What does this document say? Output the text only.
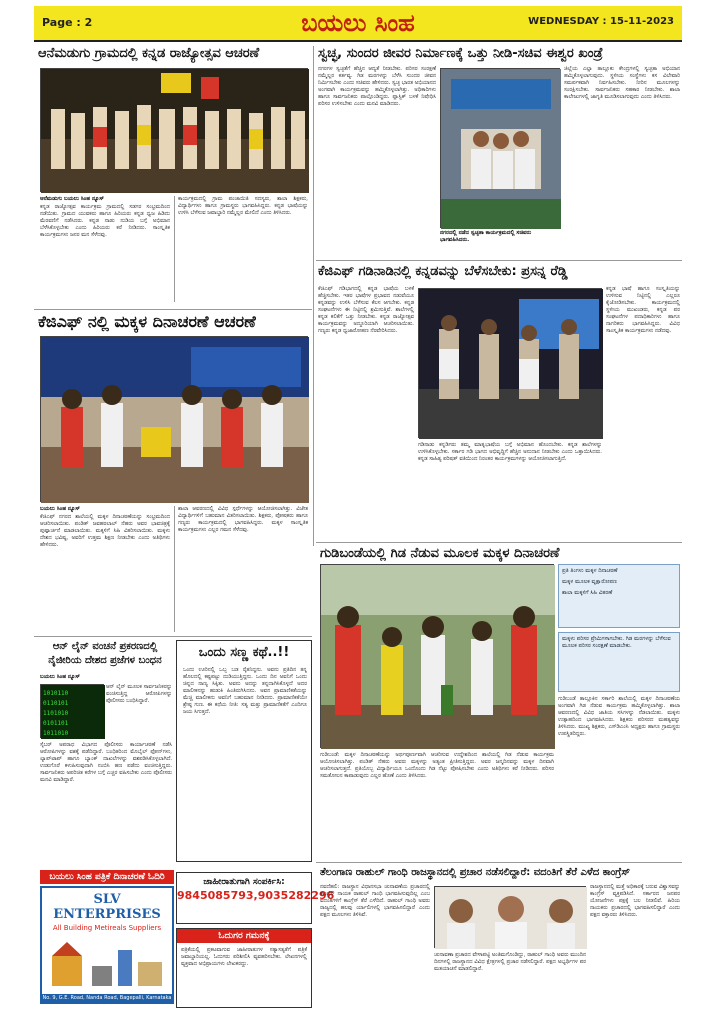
Page : 2	ಬಯಲು ಸಿಂಹ	WEDNESDAY : 15-11-2023
ಆನೆಮಡುಗು ಗ್ರಾಮದಲ್ಲಿ ಕನ್ನಡ ರಾಜ್ಯೋತ್ಸವ ಆಚರಣೆ
ಆನೆಮಡುಗು ಬಯಲು ಸಿಂಹ ನ್ಯೂಸ್
ಕನ್ನಡ ರಾಜ್ಯೋತ್ಸವ ಕಾರ್ಯಕ್ರಮ ಗ್ರಾಮದಲ್ಲಿ ಸಡಗರ ಸಂಭ್ರಮದಿಂದ ನಡೆಯಿತು. ಗ್ರಾಮದ ಯುವಕರು ಹಾಗೂ ಹಿರಿಯರು ಕನ್ನಡ ಧ್ವಜ ಹಿಡಿದು ಮೆರವಣಿಗೆ ನಡೆಸಿದರು. ಕನ್ನಡ ನಾಡು ನುಡಿಯ ಬಗ್ಗೆ ಅಭಿಮಾನ ಬೆಳೆಸಿಕೊಳ್ಳಬೇಕು ಎಂದು ಹಿರಿಯರು ಕರೆ ನೀಡಿದರು. ಸಾಂಸ್ಕೃತಿಕ ಕಾರ್ಯಕ್ರಮಗಳು ಜನರ ಮನ ಸೆಳೆದವು.
ಕಾರ್ಯಕ್ರಮದಲ್ಲಿ ಗ್ರಾಮ ಪಂಚಾಯಿತಿ ಸದಸ್ಯರು, ಶಾಲಾ ಶಿಕ್ಷಕರು, ವಿದ್ಯಾರ್ಥಿಗಳು ಹಾಗೂ ಗ್ರಾಮಸ್ಥರು ಭಾಗವಹಿಸಿದ್ದರು. ಕನ್ನಡ ಭಾಷೆಯನ್ನು ಉಳಿಸಿ ಬೆಳೆಸುವ ಜವಾಬ್ದಾರಿ ನಮ್ಮೆಲ್ಲರ ಮೇಲಿದೆ ಎಂದು ತಿಳಿಸಿದರು.
ಸ್ವಚ್ಛ, ಸುಂದರ ಜೀವರ ನಿರ್ಮಾಣಕ್ಕೆ ಒತ್ತು ನೀಡಿ-ಸಚಿವ ಈಶ್ವರ ಖಂಡ್ರೆ
ನಗರಗಳ ಸ್ವಚ್ಛತೆಗೆ ಹೆಚ್ಚಿನ ಆದ್ಯತೆ ನೀಡಬೇಕು. ಪರಿಸರ ಸಂರಕ್ಷಣೆ ನಮ್ಮೆಲ್ಲರ ಕರ್ತವ್ಯ. ಗಿಡ ಮರಗಳನ್ನು ಬೆಳೆಸಿ ಸುಂದರ ಜೀವನ ನಿರ್ಮಿಸಬೇಕು ಎಂದು ಸಚಿವರು ಹೇಳಿದರು. ಸ್ವಚ್ಛ ಭಾರತ ಅಭಿಯಾನದ ಅಂಗವಾಗಿ ಕಾರ್ಯಕ್ರಮವನ್ನು ಹಮ್ಮಿಕೊಳ್ಳಲಾಗಿತ್ತು. ಅಧಿಕಾರಿಗಳು ಹಾಗೂ ಸಾರ್ವಜನಿಕರು ಪಾಲ್ಗೊಂಡಿದ್ದರು. ಪ್ಲಾಸ್ಟಿಕ್ ಬಳಕೆ ನಿಷೇಧಿಸಿ ಪರಿಸರ ಉಳಿಸಬೇಕು ಎಂದು ಮನವಿ ಮಾಡಿದರು.
ನಗರದಲ್ಲಿ ನಡೆದ ಸ್ವಚ್ಛತಾ ಕಾರ್ಯಕ್ರಮದಲ್ಲಿ ಸಚಿವರು ಭಾಗವಹಿಸಿದರು.
ಜಿಲ್ಲೆಯ ಎಲ್ಲಾ ತಾಲ್ಲೂಕು ಕೇಂದ್ರಗಳಲ್ಲಿ ಸ್ವಚ್ಛತಾ ಅಭಿಯಾನ ಹಮ್ಮಿಕೊಳ್ಳಲಾಗುವುದು. ಸ್ಥಳೀಯ ಸಂಸ್ಥೆಗಳು ಕಸ ವಿಲೇವಾರಿ ಸಮರ್ಪಕವಾಗಿ ನಿರ್ವಹಿಸಬೇಕು. ನೀರಿನ ಮೂಲಗಳನ್ನು ಸಂರಕ್ಷಿಸಬೇಕು. ಸಾರ್ವಜನಿಕರು ಸಹಕಾರ ನೀಡಬೇಕು. ಶಾಲಾ ಕಾಲೇಜುಗಳಲ್ಲಿ ಜಾಗೃತಿ ಮೂಡಿಸಲಾಗುವುದು ಎಂದು ತಿಳಿಸಿದರು.
ಕೆಜಿಎಫ್ ಗಡಿನಾಡಿನಲ್ಲಿ ಕನ್ನಡವನ್ನು ಬೆಳೆಸಬೇಕು: ಪ್ರಸನ್ನ ರೆಡ್ಡಿ
ಕೆಜಿಎಫ್ ಗಡಿಭಾಗದಲ್ಲಿ ಕನ್ನಡ ಭಾಷೆಯ ಬಳಕೆ ಹೆಚ್ಚಿಸಬೇಕು. ಇತರ ಭಾಷೆಗಳ ಪ್ರಭಾವದ ನಡುವೆಯೂ ಕನ್ನಡವನ್ನು ಉಳಿಸಿ ಬೆಳೆಸುವ ಕೆಲಸ ಆಗಬೇಕು. ಕನ್ನಡ ಸಂಘಟನೆಗಳು ಈ ನಿಟ್ಟಿನಲ್ಲಿ ಶ್ರಮಿಸುತ್ತಿವೆ. ಶಾಲೆಗಳಲ್ಲಿ ಕನ್ನಡ ಕಲಿಕೆಗೆ ಒತ್ತು ನೀಡಬೇಕು. ಕನ್ನಡ ರಾಜ್ಯೋತ್ಸವ ಕಾರ್ಯಕ್ರಮವನ್ನು ಅದ್ದೂರಿಯಾಗಿ ಆಚರಿಸಲಾಯಿತು. ಗಣ್ಯರು ಕನ್ನಡ ಧ್ವಜಾರೋಹಣ ನೆರವೇರಿಸಿದರು.
ಕನ್ನಡ ಭಾಷೆ ಹಾಗೂ ಸಂಸ್ಕೃತಿಯನ್ನು ಉಳಿಸುವ ನಿಟ್ಟಿನಲ್ಲಿ ಎಲ್ಲರೂ ಕೈಜೋಡಿಸಬೇಕು. ಕಾರ್ಯಕ್ರಮದಲ್ಲಿ ಸ್ಥಳೀಯ ಮುಖಂಡರು, ಕನ್ನಡ ಪರ ಸಂಘಟನೆಗಳ ಪದಾಧಿಕಾರಿಗಳು ಹಾಗೂ ನಾಗರಿಕರು ಭಾಗವಹಿಸಿದ್ದರು. ವಿವಿಧ ಸಾಂಸ್ಕೃತಿಕ ಕಾರ್ಯಕ್ರಮಗಳು ನಡೆದವು.
ಗಡಿನಾಡು ಕನ್ನಡಿಗರು ತಮ್ಮ ಮಾತೃಭಾಷೆಯ ಬಗ್ಗೆ ಅಭಿಮಾನ ಹೊಂದಬೇಕು. ಕನ್ನಡ ಶಾಲೆಗಳನ್ನು ಉಳಿಸಿಕೊಳ್ಳಬೇಕು. ಸರ್ಕಾರ ಗಡಿ ಭಾಗದ ಅಭಿವೃದ್ಧಿಗೆ ಹೆಚ್ಚಿನ ಅನುದಾನ ನೀಡಬೇಕು ಎಂದು ಒತ್ತಾಯಿಸಿದರು. ಕನ್ನಡ ಸಾಹಿತ್ಯ ಪರಿಷತ್ ವತಿಯಿಂದ ನಿರಂತರ ಕಾರ್ಯಕ್ರಮಗಳನ್ನು ಆಯೋಜಿಸಲಾಗುತ್ತಿದೆ.
ಕೆಜಿಎಫ್ ನಲ್ಲಿ ಮಕ್ಕಳ ದಿನಾಚರಣೆ ಆಚರಣೆ
ಬಯಲು ಸಿಂಹ ನ್ಯೂಸ್
ಕೆಜಿಎಫ್ ನಗರದ ಶಾಲೆಯಲ್ಲಿ ಮಕ್ಕಳ ದಿನಾಚರಣೆಯನ್ನು ಸಂಭ್ರಮದಿಂದ ಆಚರಿಸಲಾಯಿತು. ಪಂಡಿತ್ ಜವಹರಲಾಲ್ ನೆಹರು ಅವರ ಭಾವಚಿತ್ರಕ್ಕೆ ಪುಷ್ಪಾರ್ಚನೆ ಮಾಡಲಾಯಿತು. ಮಕ್ಕಳಿಗೆ ಸಿಹಿ ವಿತರಿಸಲಾಯಿತು. ಮಕ್ಕಳು ದೇಶದ ಭವಿಷ್ಯ, ಅವರಿಗೆ ಉತ್ತಮ ಶಿಕ್ಷಣ ನೀಡಬೇಕು ಎಂದು ಅತಿಥಿಗಳು ಹೇಳಿದರು.
ಶಾಲಾ ಆವರಣದಲ್ಲಿ ವಿವಿಧ ಸ್ಪರ್ಧೆಗಳನ್ನು ಆಯೋಜಿಸಲಾಗಿತ್ತು. ವಿಜೇತ ವಿದ್ಯಾರ್ಥಿಗಳಿಗೆ ಬಹುಮಾನ ವಿತರಿಸಲಾಯಿತು. ಶಿಕ್ಷಕರು, ಪೋಷಕರು ಹಾಗೂ ಗಣ್ಯರು ಕಾರ್ಯಕ್ರಮದಲ್ಲಿ ಭಾಗವಹಿಸಿದ್ದರು. ಮಕ್ಕಳ ಸಾಂಸ್ಕೃತಿಕ ಕಾರ್ಯಕ್ರಮಗಳು ಎಲ್ಲರ ಗಮನ ಸೆಳೆದವು.
ಗುಡಿಬಂಡೆಯಲ್ಲಿ ಗಿಡ ನೆಡುವ ಮೂಲಕ ಮಕ್ಕಳ ದಿನಾಚರಣೆ
ಪ್ರತಿ ತಿಂಗಳು ಮಕ್ಕಳ ದಿನಾಚರಣೆ
ಮಕ್ಕಳ ಮೂಲಕ ವೃಕ್ಷಾರೋಪಣ
ಶಾಲಾ ಮಕ್ಕಳಿಗೆ ಸಿಹಿ ವಿತರಣೆ
ಮಕ್ಕಳು ಪರಿಸರ ಪ್ರೇಮಿಗಳಾಗಬೇಕು. ಗಿಡ ಮರಗಳನ್ನು ಬೆಳೆಸುವ ಮೂಲಕ ಪರಿಸರ ಸಂರಕ್ಷಣೆ ಮಾಡಬೇಕು.
ಗುಡಿಬಂಡೆ ತಾಲ್ಲೂಕಿನ ಸರ್ಕಾರಿ ಶಾಲೆಯಲ್ಲಿ ಮಕ್ಕಳ ದಿನಾಚರಣೆಯ ಅಂಗವಾಗಿ ಗಿಡ ನೆಡುವ ಕಾರ್ಯಕ್ರಮ ಹಮ್ಮಿಕೊಳ್ಳಲಾಗಿತ್ತು. ಶಾಲಾ ಆವರಣದಲ್ಲಿ ವಿವಿಧ ಜಾತಿಯ ಸಸಿಗಳನ್ನು ನೆಡಲಾಯಿತು. ಮಕ್ಕಳು ಉತ್ಸಾಹದಿಂದ ಭಾಗವಹಿಸಿದರು. ಶಿಕ್ಷಕರು ಪರಿಸರದ ಮಹತ್ವವನ್ನು ತಿಳಿಸಿದರು. ಮುಖ್ಯ ಶಿಕ್ಷಕರು, ಎಸ್‌ಡಿಎಂಸಿ ಅಧ್ಯಕ್ಷರು ಹಾಗೂ ಗ್ರಾಮಸ್ಥರು ಉಪಸ್ಥಿತರಿದ್ದರು.
ಗುಡಿಬಂಡೆ: ಮಕ್ಕಳ ದಿನಾಚರಣೆಯನ್ನು ಅರ್ಥಪೂರ್ಣವಾಗಿ ಆಚರಿಸುವ ಉದ್ದೇಶದಿಂದ ಶಾಲೆಯಲ್ಲಿ ಗಿಡ ನೆಡುವ ಕಾರ್ಯಕ್ರಮ ಆಯೋಜಿಸಲಾಗಿತ್ತು. ಪಂಡಿತ್ ನೆಹರು ಅವರು ಮಕ್ಕಳನ್ನು ಅತ್ಯಂತ ಪ್ರೀತಿಸುತ್ತಿದ್ದರು. ಅವರ ಜನ್ಮದಿನವನ್ನು ಮಕ್ಕಳ ದಿನವಾಗಿ ಆಚರಿಸಲಾಗುತ್ತದೆ. ಪ್ರತಿಯೊಬ್ಬ ವಿದ್ಯಾರ್ಥಿಯೂ ಒಂದೊಂದು ಗಿಡ ನೆಟ್ಟು ಪೋಷಿಸಬೇಕು ಎಂದು ಅತಿಥಿಗಳು ಕರೆ ನೀಡಿದರು. ಪರಿಸರ ಸಮತೋಲನ ಕಾಪಾಡುವುದು ಎಲ್ಲರ ಹೊಣೆ ಎಂದು ತಿಳಿಸಿದರು.
ಆನ್ ಲೈನ್ ವಂಚನೆ ಪ್ರಕರಣದಲ್ಲಿ ನೈಜೀರಿಯ ದೇಶದ ಪ್ರಜೆಗಳ ಬಂಧನ
ಬಯಲು ಸಿಂಹ ನ್ಯೂಸ್
1010110
0110101
1101010
0101101
1011010
ಆನ್ ಲೈನ್ ಮೂಲಕ ಸಾರ್ವಜನಿಕರನ್ನು ವಂಚಿಸುತ್ತಿದ್ದ ಆರೋಪಿಗಳನ್ನು ಪೊಲೀಸರು ಬಂಧಿಸಿದ್ದಾರೆ.
ಸೈಬರ್ ಅಪರಾಧ ವಿಭಾಗದ ಪೊಲೀಸರು ಕಾರ್ಯಾಚರಣೆ ನಡೆಸಿ ಆರೋಪಿಗಳನ್ನು ವಶಕ್ಕೆ ಪಡೆದಿದ್ದಾರೆ. ಬಂಧಿತರಿಂದ ಮೊಬೈಲ್ ಫೋನ್‌ಗಳು, ಲ್ಯಾಪ್‌ಟಾಪ್ ಹಾಗೂ ಬ್ಯಾಂಕ್ ದಾಖಲೆಗಳನ್ನು ವಶಪಡಿಸಿಕೊಳ್ಳಲಾಗಿದೆ. ಉಡುಗೊರೆ ಕಳುಹಿಸುವುದಾಗಿ ನಂಬಿಸಿ ಹಣ ಪಡೆದು ವಂಚಿಸುತ್ತಿದ್ದರು. ಸಾರ್ವಜನಿಕರು ಅಪರಿಚಿತ ಕರೆಗಳ ಬಗ್ಗೆ ಎಚ್ಚರ ವಹಿಸಬೇಕು ಎಂದು ಪೊಲೀಸರು ಮನವಿ ಮಾಡಿದ್ದಾರೆ.
ಒಂದು ಸಣ್ಣ ಕಥೆ..!!
ಒಂದು ಊರಿನಲ್ಲಿ ಒಬ್ಬ ಬಡ ರೈತನಿದ್ದನು. ಅವನು ಪ್ರತಿದಿನ ತನ್ನ ಹೊಲದಲ್ಲಿ ಕಷ್ಟಪಟ್ಟು ದುಡಿಯುತ್ತಿದ್ದನು. ಒಂದು ದಿನ ಅವನಿಗೆ ಒಂದು ಚಿನ್ನದ ನಾಣ್ಯ ಸಿಕ್ಕಿತು. ಅವನು ಅದನ್ನು ತನ್ನದಾಗಿಸಿಕೊಳ್ಳದೆ ಅದರ ಮಾಲೀಕನನ್ನು ಹುಡುಕಿ ಹಿಂತಿರುಗಿಸಿದನು. ಅವನ ಪ್ರಾಮಾಣಿಕತೆಯನ್ನು ಮೆಚ್ಚಿ ಮಾಲೀಕನು ಅವನಿಗೆ ಬಹುಮಾನ ನೀಡಿದನು. ಪ್ರಾಮಾಣಿಕತೆಯೇ ಶ್ರೇಷ್ಠ ಗುಣ. ಈ ಕಥೆಯ ನೀತಿ: ಸತ್ಯ ಮತ್ತು ಪ್ರಾಮಾಣಿಕತೆಗೆ ಎಂದಿಗೂ ಜಯ ಸಿಗುತ್ತದೆ.
ಬಯಲು ಸಿಂಹ ಪತ್ರಿಕೆ ದಿನಾಚರಣೆ ಓದಿರಿ
SLV ENTERPRISES
All Building Metireals Suppliers
No. 9, G.E. Road, Nanda Road, Bagepalli, Karnataka
ಜಾಹೀರಾತುಗಾಗಿ ಸಂಪರ್ಕಿಸಿ:
9845085793,9035282296
ಓದುಗರ ಗಮನಕ್ಕೆ
ಪತ್ರಿಕೆಯಲ್ಲಿ ಪ್ರಕಟವಾಗುವ ಜಾಹೀರಾತುಗಳ ಸತ್ಯಾಸತ್ಯತೆಗೆ ಪತ್ರಿಕೆ ಜವಾಬ್ದಾರಿಯಲ್ಲ. ಓದುಗರು ಪರಿಶೀಲಿಸಿ ವ್ಯವಹರಿಸಬೇಕು. ಲೇಖನಗಳಲ್ಲಿ ವ್ಯಕ್ತವಾದ ಅಭಿಪ್ರಾಯಗಳು ಲೇಖಕರದ್ದು.
ತೆಲಂಗಾಣ ರಾಹುಲ್ ಗಾಂಧಿ ರಾಜಸ್ಥಾನದಲ್ಲಿ ಪ್ರಚಾರ ನಡೆಸಲಿದ್ದಾರೆ: ವದಂತಿಗೆ ತೆರೆ ಎಳೆದ ಕಾಂಗ್ರೆಸ್
ನವದೆಹಲಿ: ರಾಜಸ್ಥಾನ ವಿಧಾನಸಭಾ ಚುನಾವಣೆಯ ಪ್ರಚಾರದಲ್ಲಿ ಕಾಂಗ್ರೆಸ್ ನಾಯಕ ರಾಹುಲ್ ಗಾಂಧಿ ಭಾಗವಹಿಸುವುದಿಲ್ಲ ಎಂಬ ವದಂತಿಗಳಿಗೆ ಕಾಂಗ್ರೆಸ್ ತೆರೆ ಎಳೆದಿದೆ. ರಾಹುಲ್ ಗಾಂಧಿ ಅವರು ರಾಜ್ಯದಲ್ಲಿ ಹಲವು ರ್ಯಾಲಿಗಳಲ್ಲಿ ಭಾಗವಹಿಸಲಿದ್ದಾರೆ ಎಂದು ಪಕ್ಷದ ಮೂಲಗಳು ತಿಳಿಸಿವೆ.
ಚುನಾವಣಾ ಪ್ರಚಾರದ ವೇಳಾಪಟ್ಟಿ ಅಂತಿಮಗೊಂಡಿದ್ದು, ರಾಹುಲ್ ಗಾಂಧಿ ಅವರು ಮುಂದಿನ ದಿನಗಳಲ್ಲಿ ರಾಜಸ್ಥಾನದ ವಿವಿಧ ಕ್ಷೇತ್ರಗಳಲ್ಲಿ ಪ್ರಚಾರ ನಡೆಸಲಿದ್ದಾರೆ. ಪಕ್ಷದ ಅಭ್ಯರ್ಥಿಗಳ ಪರ ಮತಯಾಚನೆ ಮಾಡಲಿದ್ದಾರೆ.
ರಾಜಸ್ಥಾನದಲ್ಲಿ ಮತ್ತೆ ಅಧಿಕಾರಕ್ಕೆ ಬರುವ ವಿಶ್ವಾಸವನ್ನು ಕಾಂಗ್ರೆಸ್ ವ್ಯಕ್ತಪಡಿಸಿದೆ. ಸರ್ಕಾರದ ಜನಪರ ಯೋಜನೆಗಳು ಪಕ್ಷಕ್ಕೆ ಬಲ ನೀಡಲಿವೆ. ಹಿರಿಯ ನಾಯಕರು ಪ್ರಚಾರದಲ್ಲಿ ಭಾಗವಹಿಸಲಿದ್ದಾರೆ ಎಂದು ಪಕ್ಷದ ವಕ್ತಾರರು ತಿಳಿಸಿದರು.
